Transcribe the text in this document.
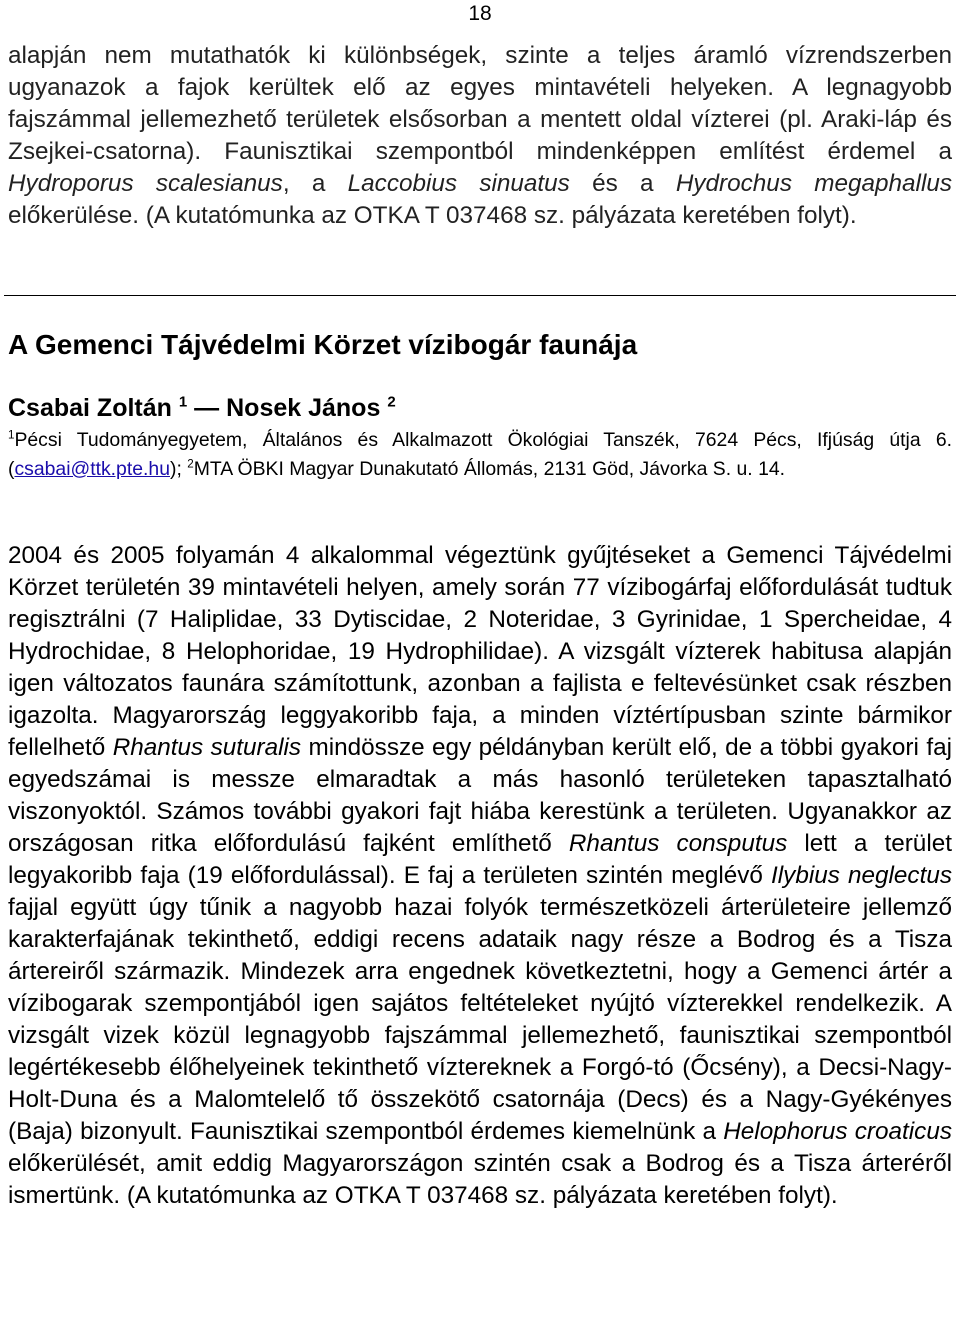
18
alapján nem mutathatók ki különbségek, szinte a teljes áramló vízrendszerben ugyanazok a fajok kerültek elő az egyes mintavételi helyeken. A legnagyobb fajszámmal jellemezhető területek elsősorban a mentett oldal vízterei (pl. Araki-láp és Zsejkei-csatorna). Faunisztikai szempontból mindenképpen említést érdemel a Hydroporus scalesianus, a Laccobius sinuatus és a Hydrochus megaphallus előkerülése. (A kutatómunka az OTKA T 037468 sz. pályázata keretében folyt).
A Gemenci Tájvédelmi Körzet vízibogár faunája
Csabai Zoltán $^1$ — Nosek János $^2$
$^1$Pécsi Tudományegyetem, Általános és Alkalmazott Ökológiai Tanszék, 7624 Pécs, Ifjúság útja 6. (csabai@ttk.pte.hu); $^2$MTA ÖBKI Magyar Dunakutató Állomás, 2131 Göd, Jávorka S. u. 14.
2004 és 2005 folyamán 4 alkalommal végeztünk gyűjtéseket a Gemenci Tájvédelmi Körzet területén 39 mintavételi helyen, amely során 77 vízibogárfaj előfordulását tudtuk regisztrálni (7 Haliplidae, 33 Dytiscidae, 2 Noteridae, 3 Gyrinidae, 1 Spercheidae, 4 Hydrochidae, 8 Helophoridae, 19 Hydrophilidae). A vizsgált vízterek habitusa alapján igen változatos faunára számítottunk, azonban a fajlista e feltevésünket csak részben igazolta. Magyarország leggyakoribb faja, a minden víztértípusban szinte bármikor fellelhető Rhantus suturalis mindössze egy példányban került elő, de a többi gyakori faj egyedszámai is messze elmaradtak a más hasonló területeken tapasztalható viszonyoktól. Számos további gyakori fajt hiába kerestünk a területen. Ugyanakkor az országosan ritka előfordulású fajként említhető Rhantus consputus lett a terület legyakoribb faja (19 előfordulással). E faj a területen szintén meglévő Ilybius neglectus fajjal együtt úgy tűnik a nagyobb hazai folyók természetközeli árterületeire jellemző karakterfajának tekinthető, eddigi recens adataik nagy része a Bodrog és a Tisza ártereiről származik. Mindezek arra engednek következtetni, hogy a Gemenci ártér a vízibogarak szempontjából igen sajátos feltételeket nyújtó vízterekkel rendelkezik. A vizsgált vizek közül legnagyobb fajszámmal jellemezhető, faunisztikai szempontból legértékesebb élőhelyeinek tekinthető víztereknek a Forgó-tó (Őcsény), a Decsi-Nagy-Holt-Duna és a Malomtelelő tő összekötő csatornája (Decs) és a Nagy-Gyékényes (Baja) bizonyult. Faunisztikai szempontból érdemes kiemelnünk a Helophorus croaticus előkerülését, amit eddig Magyarországon szintén csak a Bodrog és a Tisza árteréről ismertünk. (A kutatómunka az OTKA T 037468 sz. pályázata keretében folyt).
